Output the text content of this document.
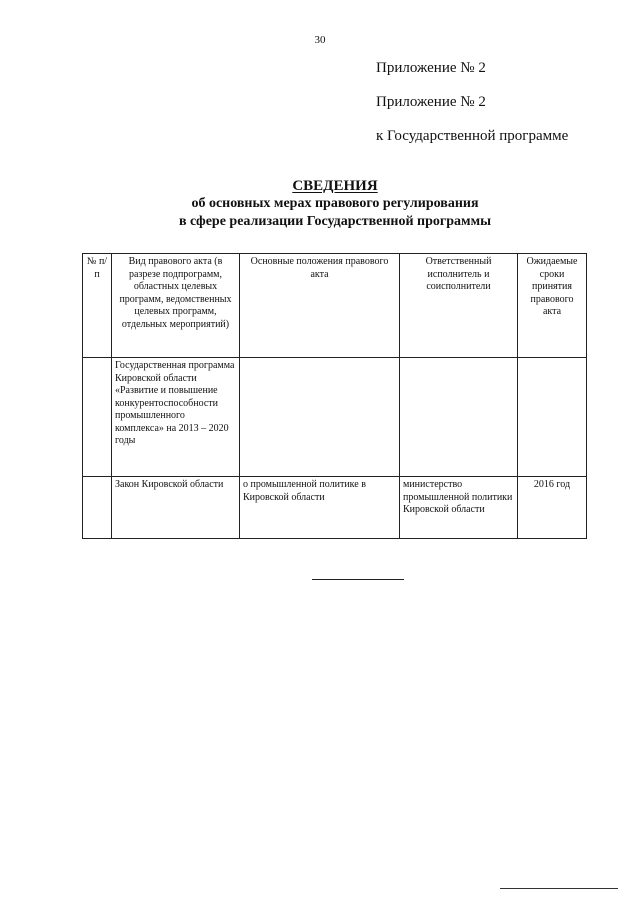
30
Приложение № 2
Приложение № 2
к Государственной программе
СВЕДЕНИЯ
об основных мерах правового регулирования
в сфере реализации Государственной программы
№ п/п	Вид правового акта (в разрезе подпрограмм, областных целевых программ, ведомственных целевых программ, отдельных мероприятий)	Основные положения правового акта	Ответственный исполнитель и соисполнители	Ожидаемые сроки принятия правового акта
	Государственная программа Кировской области «Развитие и повышение конкурентоспособности промышленного комплекса» на 2013 – 2020 годы			
	Закон Кировской области	о промышленной политике в Кировской области	министерство промышленной политики Кировской области	2016 год
